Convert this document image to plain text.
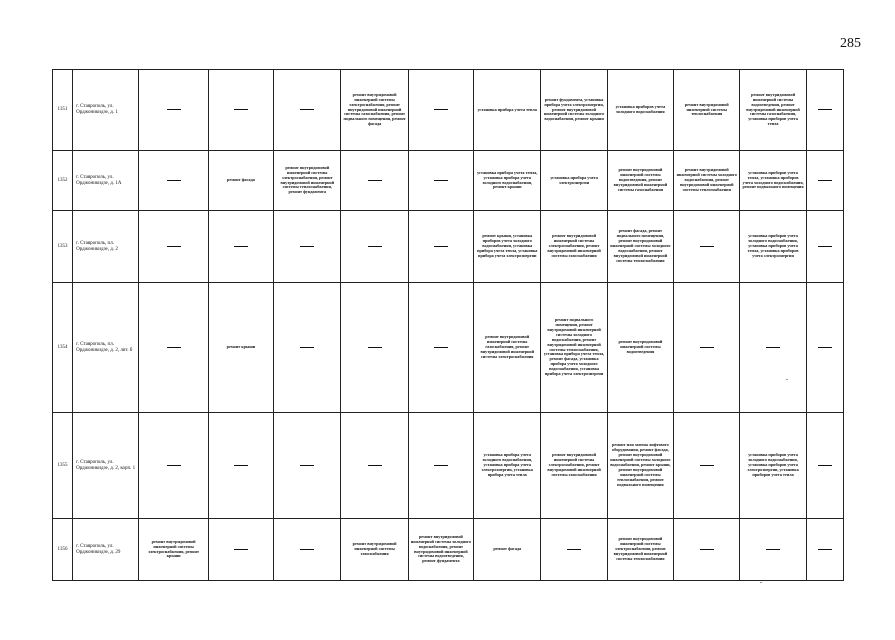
285
1351	г. Ставрополь, ул. Орджоникидзе, д. 1				ремонт внутридомовой инженерной системы электроснабжения, ремонт внутридомовой инженерной системы газоснабжения, ремонт подвального помещения, ремонт фасада		установка прибора учета тепла	ремонт фундамента, установка прибора учета электроэнергии, ремонт внутридомовой инженерной системы холодного водоснабжения, ремонт крыши	установка приборов учета холодного водоснабжения	ремонт внутридомовой инженерной системы теплоснабжения	ремонт внутридомовой инженерной системы водоотведения, ремонт внутридомовой инженерной системы газоснабжения, установка приборов учета тепла	
1352	г. Ставрополь, ул. Орджоникидзе, д. 1А		ремонт фасада	ремонт внутридомовой инженерной системы электроснабжения, ремонт внутридомовой инженерной системы теплоснабжения, ремонт фундамента			установка прибора учета тепла, установка прибора учета холодного водоснабжения, ремонт крыши	установка прибора учета электроэнергии	ремонт внутридомовой инженерной системы водоотведения, ремонт внутридомовой инженерной системы газоснабжения	ремонт внутридомовой инженерной системы холодного водоснабжения, ремонт внутридомовой инженерной системы теплоснабжения	установка приборов учета тепла, установка приборов учета холодного водоснабжения, ремонт подвального помещения	
1353	г. Ставрополь, пл. Орджоникидзе, д. 2						ремонт крыши, установка приборов учета холодного водоснабжения, установка прибора учета тепла, установка прибора учета электроэнергии	ремонт внутридомовой инженерной системы электроснабжения, ремонт внутридомовой инженерной системы газоснабжения	ремонт фасада, ремонт подвального помещения, ремонт внутридомовой инженерной системы холодного водоснабжения, ремонт внутридомовой инженерной системы теплоснабжения		установка приборов учета холодного водоснабжения, установка приборов учета тепла, установка приборов учета электроэнергии	
1354	г. Ставрополь, пл. Орджоникидзе, д. 2, лит. б		ремонт крыши				ремонт внутридомовой инженерной системы газоснабжения, ремонт внутридомовой инженерной системы электроснабжения	ремонт подвального помещения, ремонт внутридомовой инженерной системы холодного водоснабжения, ремонт внутридомовой инженерной системы теплоснабжения, установка прибора учета тепла, ремонт фасада, установка прибора учета холодного водоснабжения, установка прибора учета электроэнергии	ремонт внутридомовой инженерной системы водоотведения			
1355	г. Ставрополь, ул. Орджоникидзе, д. 2, корп. 1						установка прибора учета холодного водоснабжения, установка прибора учета электроэнергии, установка прибора учета тепла	ремонт внутридомовой инженерной системы электроснабжения, ремонт внутридомовой инженерной системы газоснабжения	ремонт или замена лифтового оборудования, ремонт фасада, ремонт внутридомовой инженерной системы холодного водоснабжения, ремонт крыши, ремонт внутридомовой инженерной системы теплоснабжения, ремонт подвального помещения		установка приборов учета холодного водоснабжения, установка приборов учета электроэнергии, установка приборов учета тепла	
1356	г. Ставрополь, ул. Орджоникидзе, д. 29	ремонт внутридомовой инженерной системы электроснабжения, ремонт крыши			ремонт внутридомовой инженерной системы газоснабжения	ремонт внутридомовой инженерной системы холодного водоснабжения, ремонт внутридомовой инженерной системы водоотведения, ремонт фундамента	ремонт фасада		ремонт внутридомовой инженерной системы электроснабжения, ремонт внутридомовой инженерной системы теплоснабжения			
